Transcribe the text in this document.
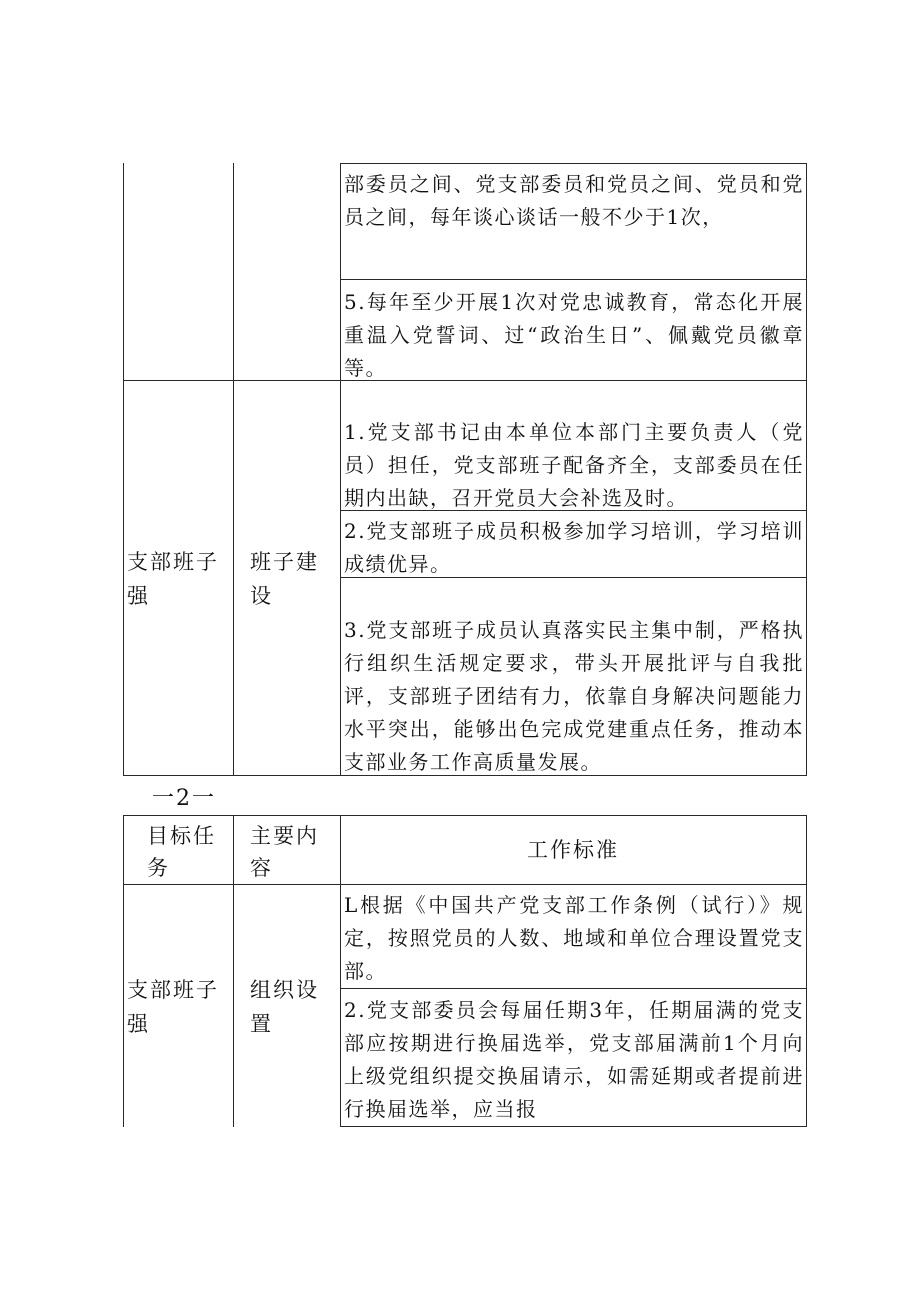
部委员之间、党支部委员和党员之间、党员和党员之间，每年谈心谈话一般不少于1次，
5.每年至少开展1次对党忠诚教育，常态化开展重温入党誓词、过“政治生日”、佩戴党员徽章等。
1.党支部书记由本单位本部门主要负责人（党员）担任，党支部班子配备齐全，支部委员在任期内出缺，召开党员大会补选及时。
2.党支部班子成员积极参加学习培训，学习培训成绩优异。
3.党支部班子成员认真落实民主集中制，严格执行组织生活规定要求，带头开展批评与自我批评，支部班子团结有力，依靠自身解决问题能力水平突出，能够出色完成党建重点任务，推动本支部业务工作高质量发展。
支部班子
强
班子建
设
一2一
目标任
务
主要内
容
工作标准
L根据《中国共产党支部工作条例（试行）》规定，按照党员的人数、地域和单位合理设置党支部。
2.党支部委员会每届任期3年，任期届满的党支部应按期进行换届选举，党支部届满前1个月向上级党组织提交换届请示，如需延期或者提前进行换届选举，应当报
支部班子
强
组织设
置
